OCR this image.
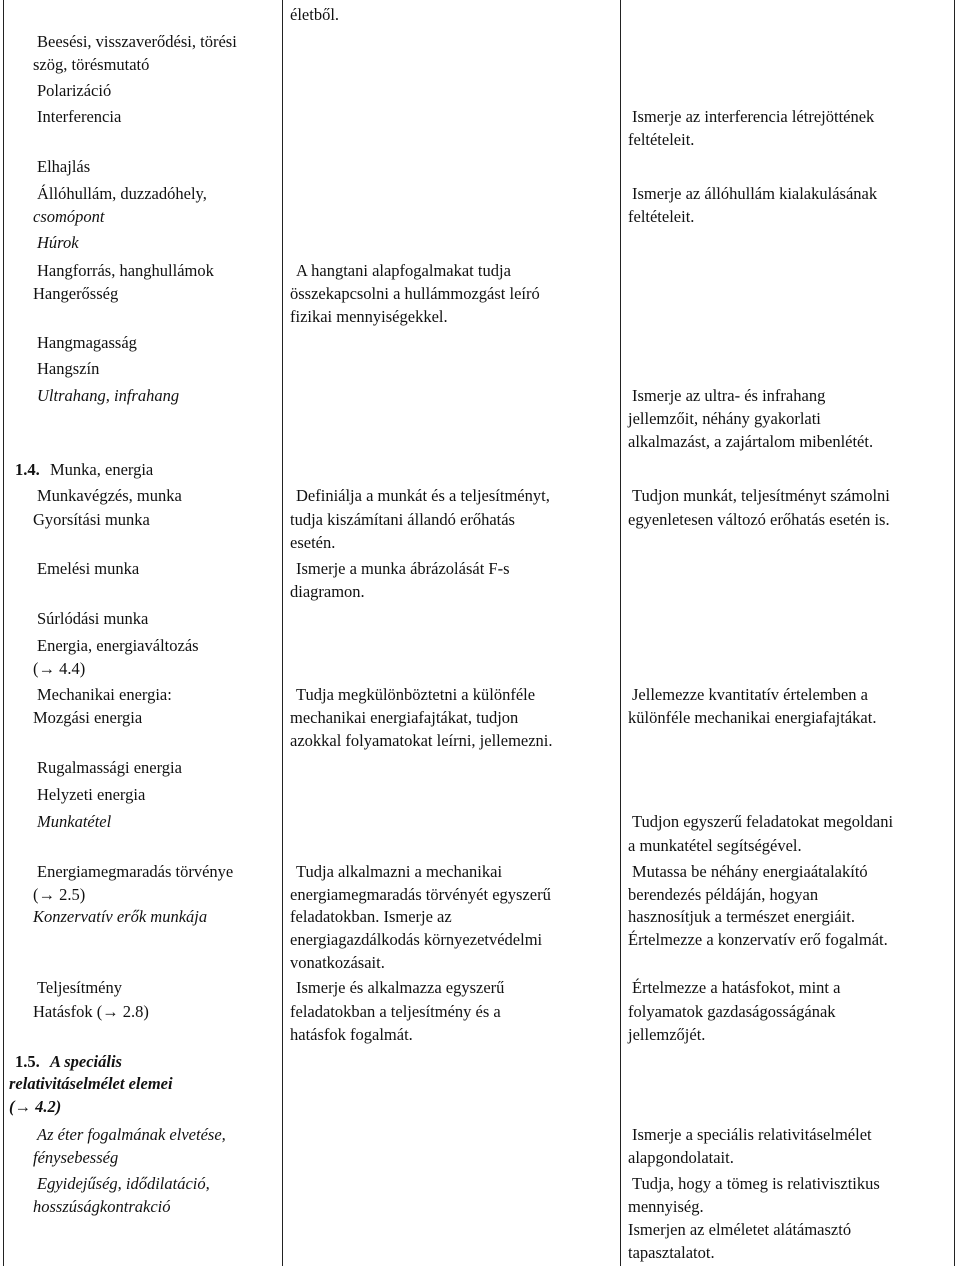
Beesési, visszaverődési, törési
szög, törésmutató
Polarizáció
Interferencia
Elhajlás
Állóhullám, duzzadóhely,
csomópont
Húrok
Hangforrás, hanghullámok
Hangerősség
Hangmagasság
Hangszín
Ultrahang, infrahang
1.4. Munka, energia
Munkavégzés, munka
Gyorsítási munka
Emelési munka
Súrlódási munka
Energia, energiaváltozás
(→ 4.4)
Mechanikai energia:
Mozgási energia
Rugalmassági energia
Helyzeti energia
Munkatétel
Energiamegmaradás törvénye
(→ 2.5)
Konzervatív erők munkája
Teljesítmény
Hatásfok (→ 2.8)
1.5. A speciális
relativitáselmélet elemei
(→ 4.2)
Az éter fogalmának elvetése,
fénysebesség
Egyidejűség, idődilatáció,
hosszúságkontrakció
életből.
A hangtani alapfogalmakat tudja
összekapcsolni a hullámmozgást leíró
fizikai mennyiségekkel.
Definiálja a munkát és a teljesítményt,
tudja kiszámítani állandó erőhatás
esetén.
Ismerje a munka ábrázolását F-s
diagramon.
Tudja megkülönböztetni a különféle
mechanikai energiafajtákat, tudjon
azokkal folyamatokat leírni, jellemezni.
Tudja alkalmazni a mechanikai
energiamegmaradás törvényét egyszerű
feladatokban. Ismerje az
energiagazdálkodás környezetvédelmi
vonatkozásait.
Ismerje és alkalmazza egyszerű
feladatokban a teljesítmény és a
hatásfok fogalmát.
Ismerje az interferencia létrejöttének
feltételeit.
Ismerje az állóhullám kialakulásának
feltételeit.
Ismerje az ultra- és infrahang
jellemzőit, néhány gyakorlati
alkalmazást, a zajártalom mibenlétét.
Tudjon munkát, teljesítményt számolni
egyenletesen változó erőhatás esetén is.
Jellemezze kvantitatív értelemben a
különféle mechanikai energiafajtákat.
Tudjon egyszerű feladatokat megoldani
a munkatétel segítségével.
Mutassa be néhány energiaátalakító
berendezés példáján, hogyan
hasznosítjuk a természet energiáit.
Értelmezze a konzervatív erő fogalmát.
Értelmezze a hatásfokot, mint a
folyamatok gazdaságosságának
jellemzőjét.
Ismerje a speciális relativitáselmélet
alapgondolatait.
Tudja, hogy a tömeg is relativisztikus
mennyiség.
Ismerjen az elméletet alátámasztó
tapasztalatot.
